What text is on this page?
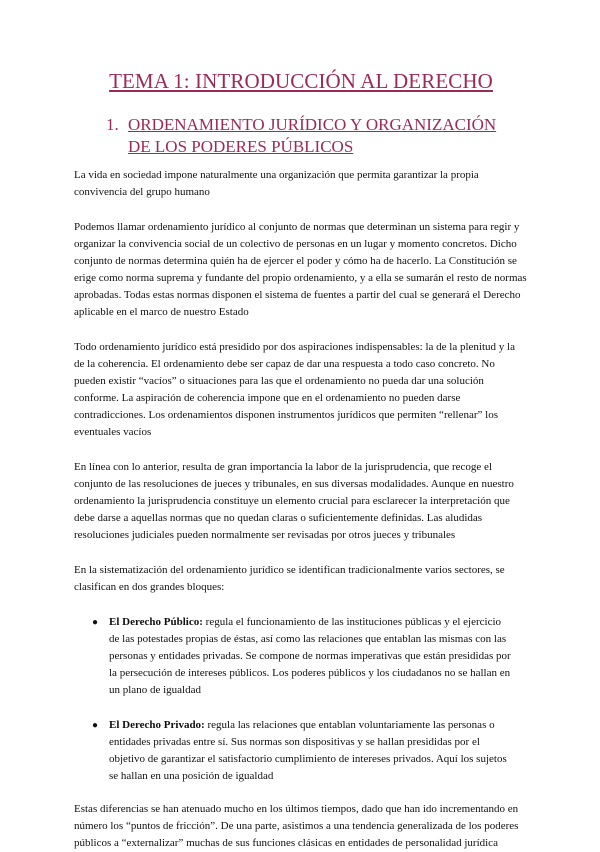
TEMA 1: INTRODUCCIÓN AL DERECHO
1. ORDENAMIENTO JURÍDICO Y ORGANIZACIÓN DE LOS PODERES PÚBLICOS

La vida en sociedad impone naturalmente una organización que permita garantizar la propia convivencia del grupo humano

Podemos llamar ordenamiento jurídico al conjunto de normas que determinan un sistema para regir y organizar la convivencia social de un colectivo de personas en un lugar y momento concretos. Dicho conjunto de normas determina quién ha de ejercer el poder y cómo ha de hacerlo. La Constitución se erige como norma suprema y fundante del propio ordenamiento, y a ella se sumarán el resto de normas aprobadas. Todas estas normas disponen el sistema de fuentes a partir del cual se generará el Derecho aplicable en el marco de nuestro Estado

Todo ordenamiento jurídico está presidido por dos aspiraciones indispensables: la de la plenitud y la de la coherencia. El ordenamiento debe ser capaz de dar una respuesta a todo caso concreto. No pueden existir “vacíos” o situaciones para las que el ordenamiento no pueda dar una solución conforme. La aspiración de coherencia impone que en el ordenamiento no pueden darse contradicciones. Los ordenamientos disponen instrumentos jurídicos que permiten “rellenar” los eventuales vacíos

En línea con lo anterior, resulta de gran importancia la labor de la jurisprudencia, que recoge el conjunto de las resoluciones de jueces y tribunales, en sus diversas modalidades. Aunque en nuestro ordenamiento la jurisprudencia constituye un elemento crucial para esclarecer la interpretación que debe darse a aquellas normas que no quedan claras o suficientemente definidas. Las aludidas resoluciones judiciales pueden normalmente ser revisadas por otros jueces y tribunales

En la sistematización del ordenamiento jurídico se identifican tradicionalmente varios sectores, se clasifican en dos grandes bloques:

● El Derecho Público: regula el funcionamiento de las instituciones públicas y el ejercicio de las potestades propias de éstas, así como las relaciones que entablan las mismas con las personas y entidades privadas. Se compone de normas imperativas que están presididas por la persecución de intereses públicos. Los poderes públicos y los ciudadanos no se hallan en un plano de igualdad
● El Derecho Privado: regula las relaciones que entablan voluntariamente las personas o entidades privadas entre sí. Sus normas son dispositivas y se hallan presididas por el objetivo de garantizar el satisfactorio cumplimiento de intereses privados. Aquí los sujetos se hallan en una posición de igualdad

Estas diferencias se han atenuado mucho en los últimos tiempos, dado que han ido incrementando en número los “puntos de fricción”. De una parte, asistimos a una tendencia generalizada de los poderes públicos a “externalizar” muchas de sus funciones clásicas en entidades de personalidad jurídica
